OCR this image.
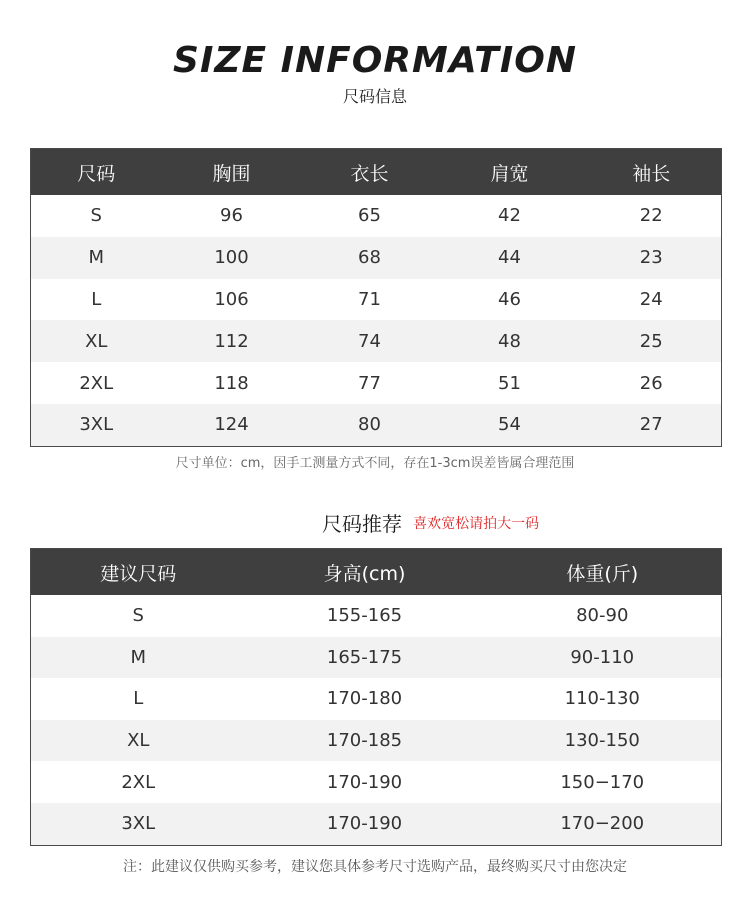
SIZE INFORMATION
尺码信息
尺码	胸围	衣长	肩宽	袖长
S	96	65	42	22
M	100	68	44	23
L	106	71	46	24
XL	112	74	48	25
2XL	118	77	51	26
3XL	124	80	54	27
尺寸单位：cm，因手工测量方式不同，存在1-3cm误差皆属合理范围
尺码推荐 喜欢宽松请拍大一码
建议尺码	身高(cm)	体重(斤)
S	155-165	80-90
M	165-175	90-110
L	170-180	110-130
XL	170-185	130-150
2XL	170-190	150−170
3XL	170-190	170−200
注：此建议仅供购买参考，建议您具体参考尺寸选购产品，最终购买尺寸由您决定
